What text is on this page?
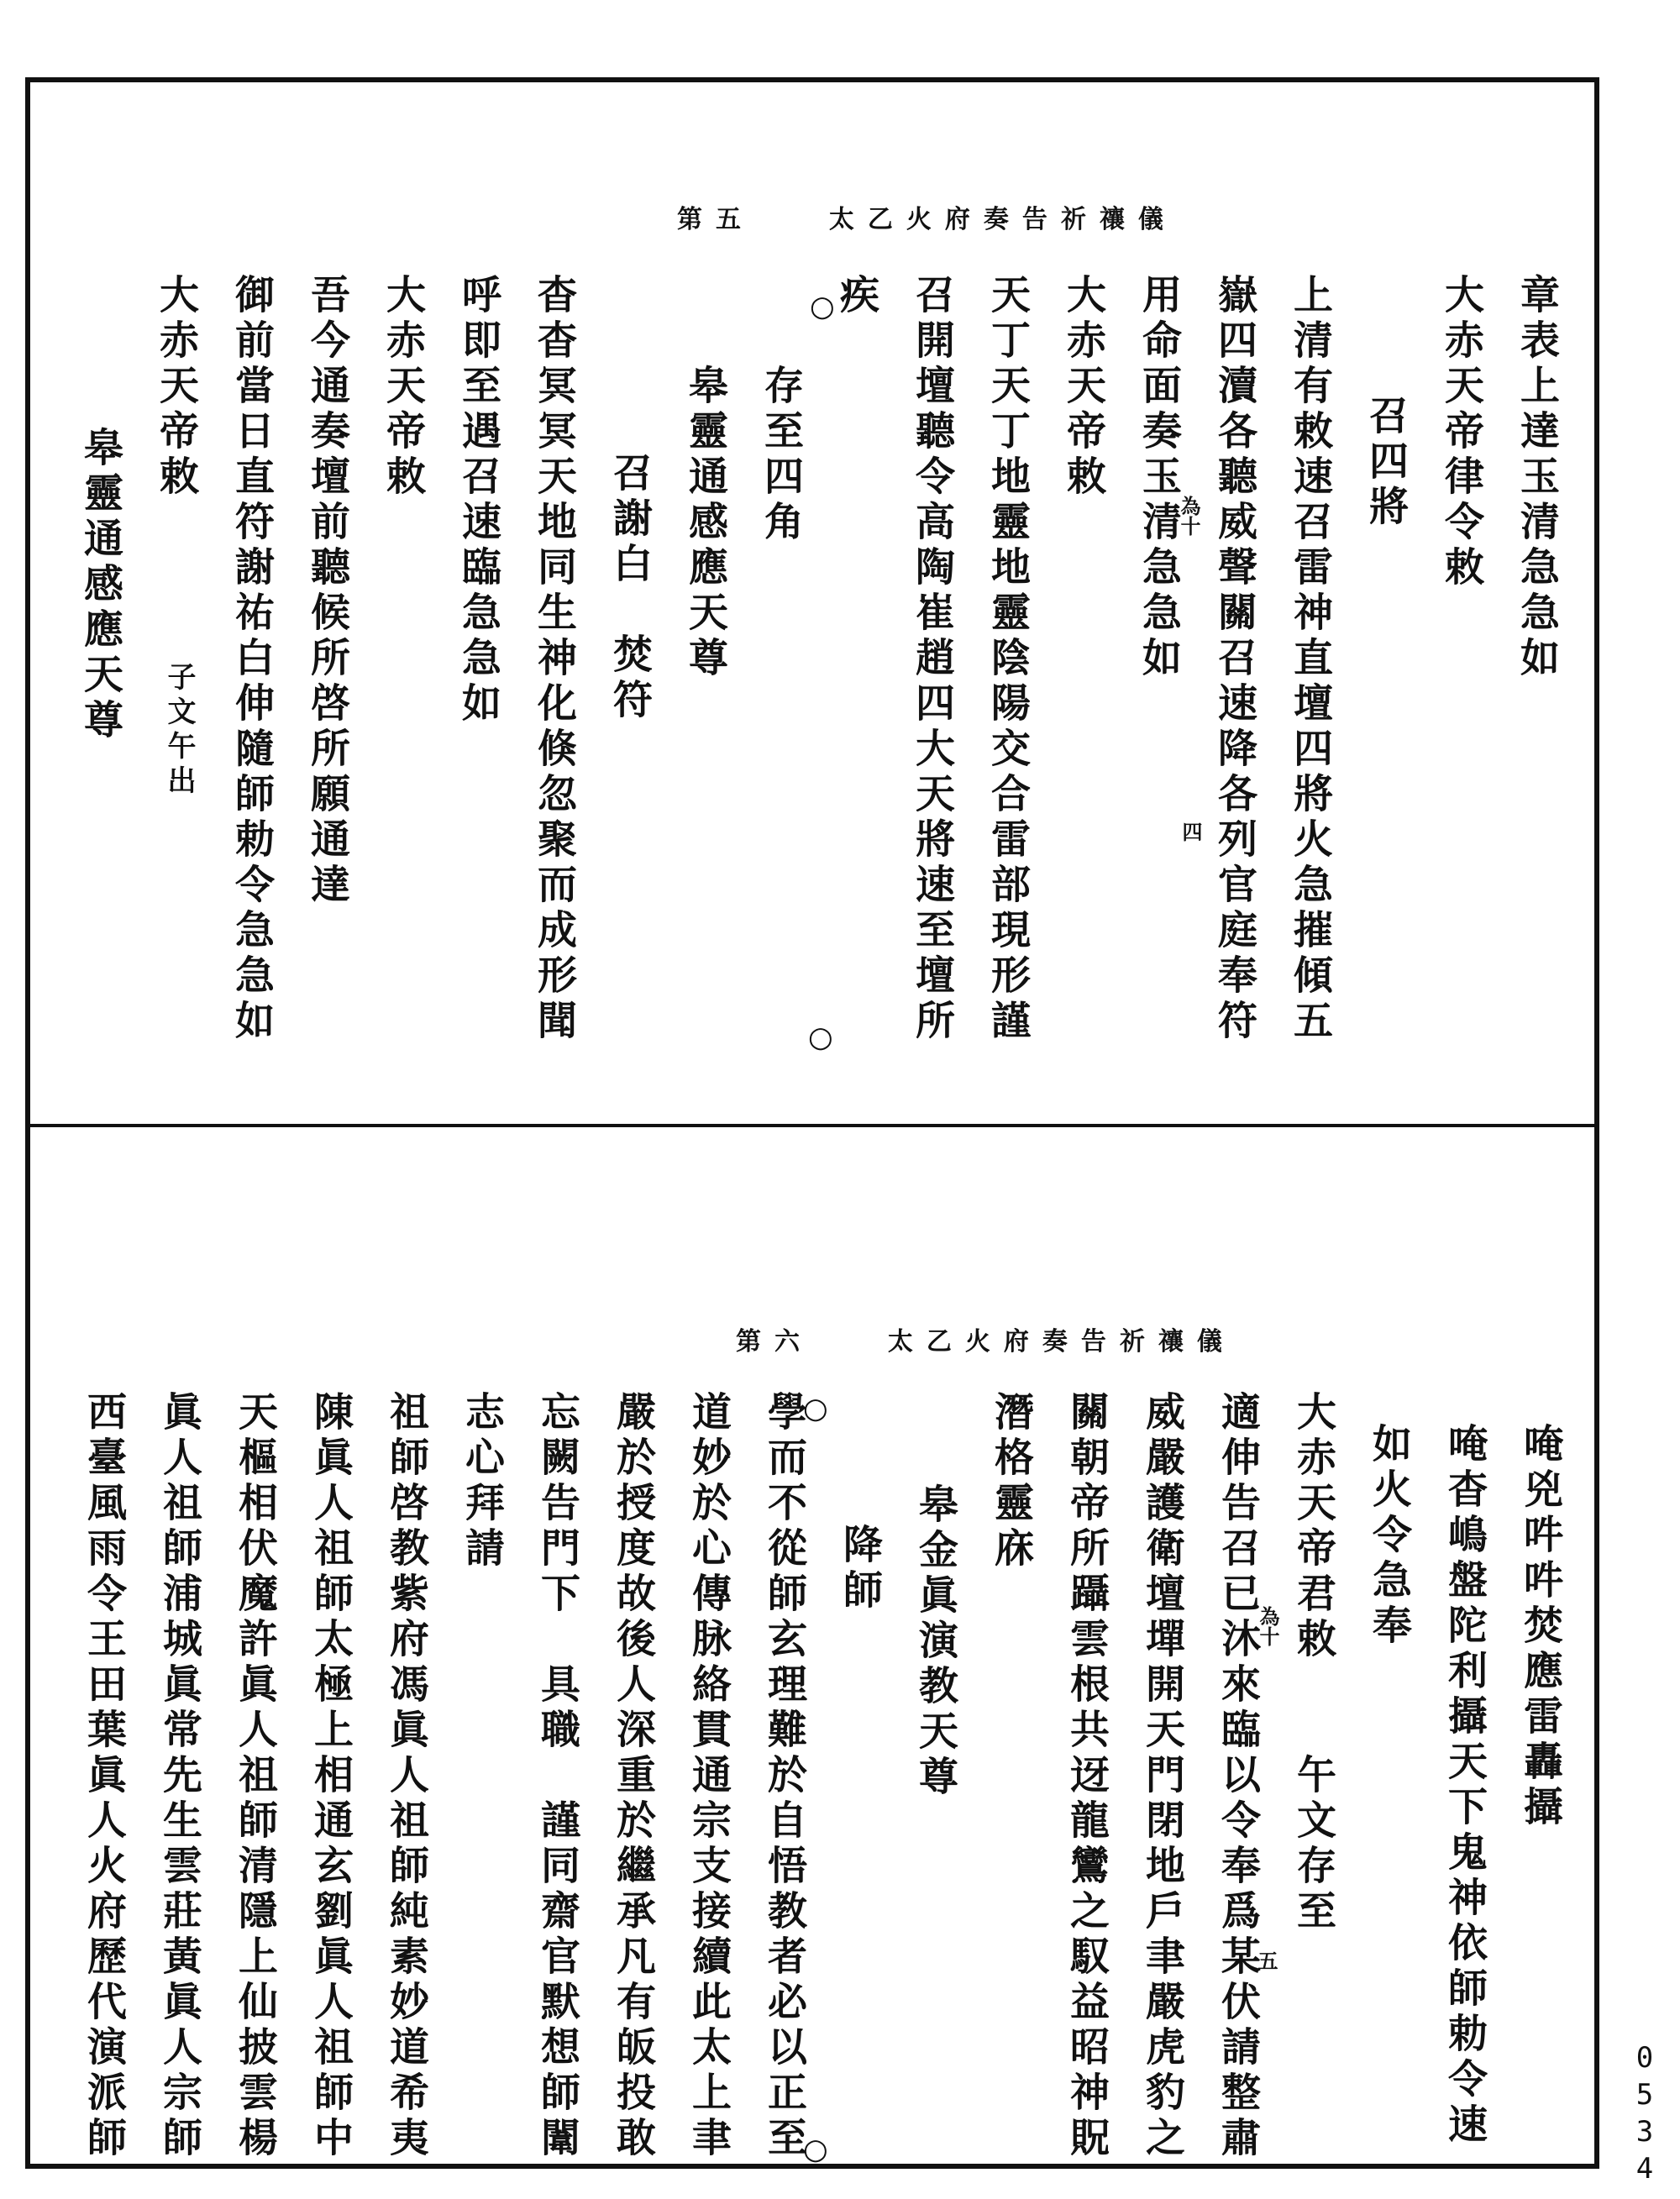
第五	太乙火府奏告祈禳儀
章表上達玉清急急如
大赤天帝律令敕
召四將
上清有敕速召雷神直壇四將火急摧傾五
嶽四瀆各聽威聲關召速降各列官庭奉符
用命面奏玉清急急如
大赤天帝敕
天丁天丁地靈地靈陰陽交合雷部現形謹
召開壇聽令高陶崔趙四大天將速至壇所
疾
存至四角
皋靈通感應天尊
召謝白　焚符
杳杳冥冥天地同生神化倏忽聚而成形聞
呼即至遇召速臨急急如
大赤天帝敕
吾今通奏壇前聽候所啓所願通達
御前當日直符謝祐白伸隨師勅令急急如
大赤天帝敕
子文午出
皋靈通感應天尊	為十
四
○
○
第六	太乙火府奏告祈禳儀
唵兇吽吽焚應雷轟攝
唵杳嶋盤陀利攝天下鬼神依師勅令速
如火令急奉
大赤天帝君敕　　午文存至
適伸告召已沐來臨以令奉爲某伏請整肅
威嚴護衛壇墠開天門閉地戶聿嚴虎豹之
關朝帝所躡雲根共迓龍鸞之馭益昭神貺
潛格靈庥
皋金眞演教天尊
降師
學而不從師玄理難於自悟教者必以正至
道妙於心傳脉絡貫通宗支接續此太上聿
嚴於授度故後人深重於繼承凡有皈投敢
忘闕告門下　具職　謹同齋官默想師闈
志心拜請
祖師啓教紫府馮眞人祖師純素妙道希夷
陳眞人祖師太極上相通玄劉眞人祖師中
天樞相伏魔許眞人祖師清隱上仙披雲楊
眞人祖師浦城眞常先生雲莊黃眞人宗師
西臺風雨令王田葉眞人火府歷代演派師	為十
五
○
○	0534
